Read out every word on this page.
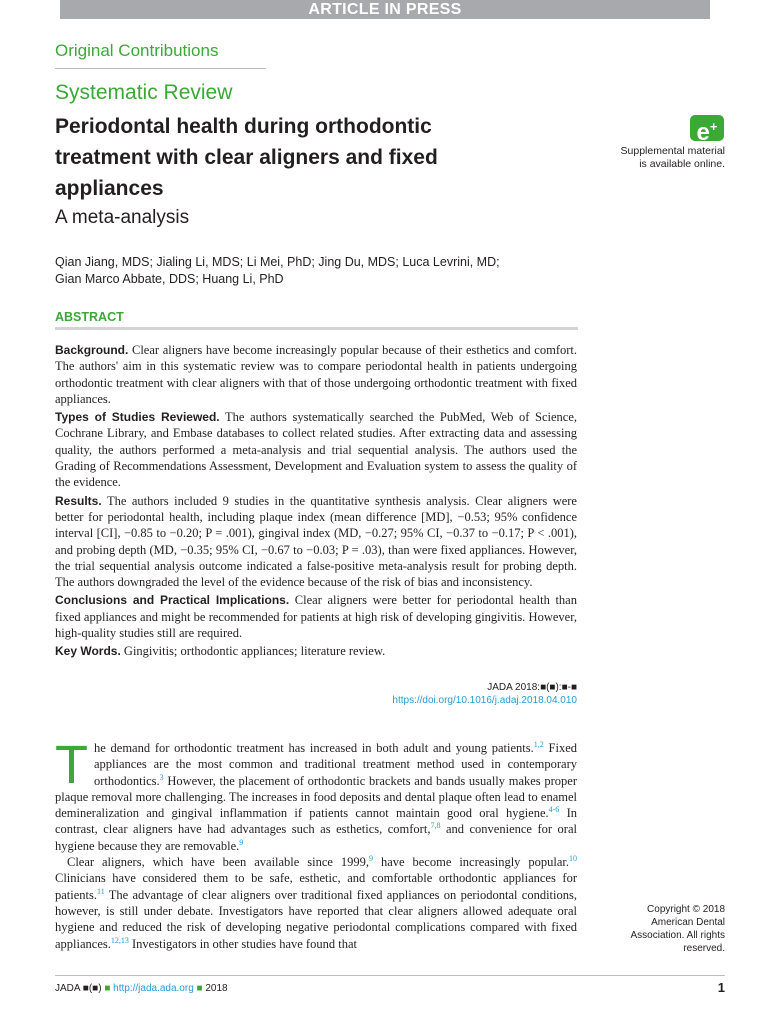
ARTICLE IN PRESS
Original Contributions
Systematic Review
Periodontal health during orthodontic
treatment with clear aligners and fixed
appliances
A meta-analysis
Qian Jiang, MDS; Jialing Li, MDS; Li Mei, PhD; Jing Du, MDS; Luca Levrini, MD;
Gian Marco Abbate, DDS; Huang Li, PhD
e+
Supplemental material
is available online.
ABSTRACT

Background. Clear aligners have become increasingly popular because of their esthetics and comfort. The authors' aim in this systematic review was to compare periodontal health in patients undergoing orthodontic treatment with clear aligners with that of those undergoing orthodontic treatment with fixed appliances.

Types of Studies Reviewed. The authors systematically searched the PubMed, Web of Science, Cochrane Library, and Embase databases to collect related studies. After extracting data and assessing quality, the authors performed a meta-analysis and trial sequential analysis. The authors used the Grading of Recommendations Assessment, Development and Evaluation system to assess the quality of the evidence.

Results. The authors included 9 studies in the quantitative synthesis analysis. Clear aligners were better for periodontal health, including plaque index (mean difference [MD], −0.53; 95% confidence interval [CI], −0.85 to −0.20; P = .001), gingival index (MD, −0.27; 95% CI, −0.37 to −0.17; P < .001), and probing depth (MD, −0.35; 95% CI, −0.67 to −0.03; P = .03), than were fixed appliances. However, the trial sequential analysis outcome indicated a false-positive meta-analysis result for probing depth. The authors downgraded the level of the evidence because of the risk of bias and inconsistency.

Conclusions and Practical Implications. Clear aligners were better for periodontal health than fixed appliances and might be recommended for patients at high risk of developing gingivitis. However, high-quality studies still are required.

Key Words. Gingivitis; orthodontic appliances; literature review.

JADA 2018:■(■):■-■
https://doi.org/10.1016/j.adaj.2018.04.010

The demand for orthodontic treatment has increased in both adult and young patients.$^{1,2}$ Fixed appliances are the most common and traditional treatment method used in contemporary orthodontics.$^3$ However, the placement of orthodontic brackets and bands usually makes proper plaque removal more challenging. The increases in food deposits and dental plaque often lead to enamel demineralization and gingival inflammation if patients cannot maintain good oral hygiene.$^{4-6}$ In contrast, clear aligners have had advantages such as esthetics, comfort,$^{7,8}$ and convenience for oral hygiene because they are removable.$^9$

Clear aligners, which have been available since 1999,$^9$ have become increasingly popular.$^{10}$ Clinicians have considered them to be safe, esthetic, and comfortable orthodontic appliances for patients.$^{11}$ The advantage of clear aligners over traditional fixed appliances on periodontal conditions, however, is still under debate. Investigators have reported that clear aligners allowed adequate oral hygiene and reduced the risk of developing negative periodontal complications compared with fixed appliances.$^{12,13}$ Investigators in other studies have found that

Copyright © 2018
American Dental
Association. All rights
reserved.
JADA ■(■) ■ http://jada.ada.org ■ 2018	1
